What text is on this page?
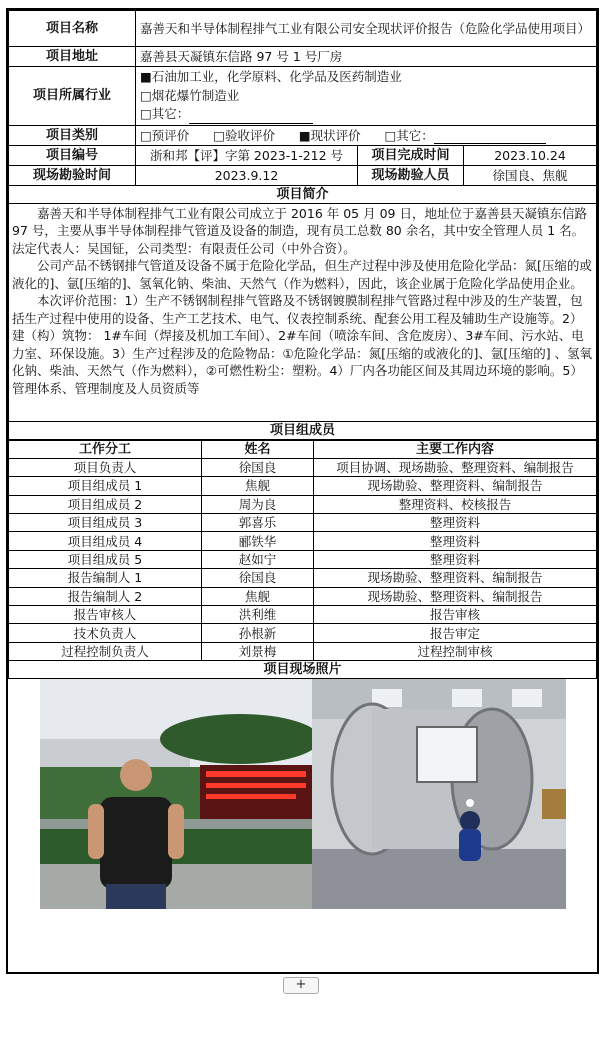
项目名称	嘉善天和半导体制程排气工业有限公司安全现状评价报告（危险化学品使用项目）		
项目地址	嘉善县天凝镇东信路 97 号 1 号厂房		
项目所属行业	■石油加工业，化学原料、化学品及医药制造业
□烟花爆竹制造业
□其它：		

项目类别	□预评价 □验收评价 ■现状评价 □其它：		
项目编号	浙和邦【评】字第 2023-1-212 号	项目完成时间	2023.10.24
现场勘验时间	2023.9.12	现场勘验人员	徐国良、焦舰
项目简介			

嘉善天和半导体制程排气工业有限公司成立于 2016 年 05 月 09 日，地址位于嘉善县天凝镇东信路 97 号，主要从事半导体制程排气管道及设备的制造，现有员工总数 80 余名，其中安全管理人员 1 名。法定代表人：吴国钲，公司类型：有限责任公司（中外合资）。

公司产品不锈钢排气管道及设备不属于危险化学品，但生产过程中涉及使用危险化学品：氮[压缩的或液化的]、氩[压缩的]、氢氧化钠、柴油、天然气（作为燃料），因此，该企业属于危险化学品使用企业。

本次评价范围：1）生产不锈钢制程排气管路及不锈钢镀膜制程排气管路过程中涉及的生产装置，包括生产过程中使用的设备、生产工艺技术、电气、仪表控制系统、配套公用工程及辅助生产设施等。2）建（构）筑物： 1#车间（焊接及机加工车间）、2#车间（喷涂车间、含危废房）、3#车间、污水站、电力室、环保设施。3）生产过程涉及的危险物品：①危险化学品：氮[压缩的或液化的]、氩[压缩的] 、氢氧化钠、柴油、天然气（作为燃料），②可燃性粉尘：塑粉。4）厂内各功能区间及其周边环境的影响。5）管理体系、管理制度及人员资质等			

项目组成员			
工作分工	姓名	主要工作内容
项目负责人	徐国良	项目协调、现场勘验、整理资料、编制报告
项目组成员 1	焦舰	现场勘验、整理资料、编制报告
项目组成员 2	周为良	整理资料、校核报告
项目组成员 3	郭喜乐	整理资料
项目组成员 4	郦铁华	整理资料
项目组成员 5	赵如宁	整理资料
报告编制人 1	徐国良	现场勘验、整理资料、编制报告
报告编制人 2	焦舰	现场勘验、整理资料、编制报告
报告审核人	洪利维	报告审核
技术负责人	孙根新	报告审定
过程控制负责人	刘景梅	过程控制审核
项目现场照片
+
